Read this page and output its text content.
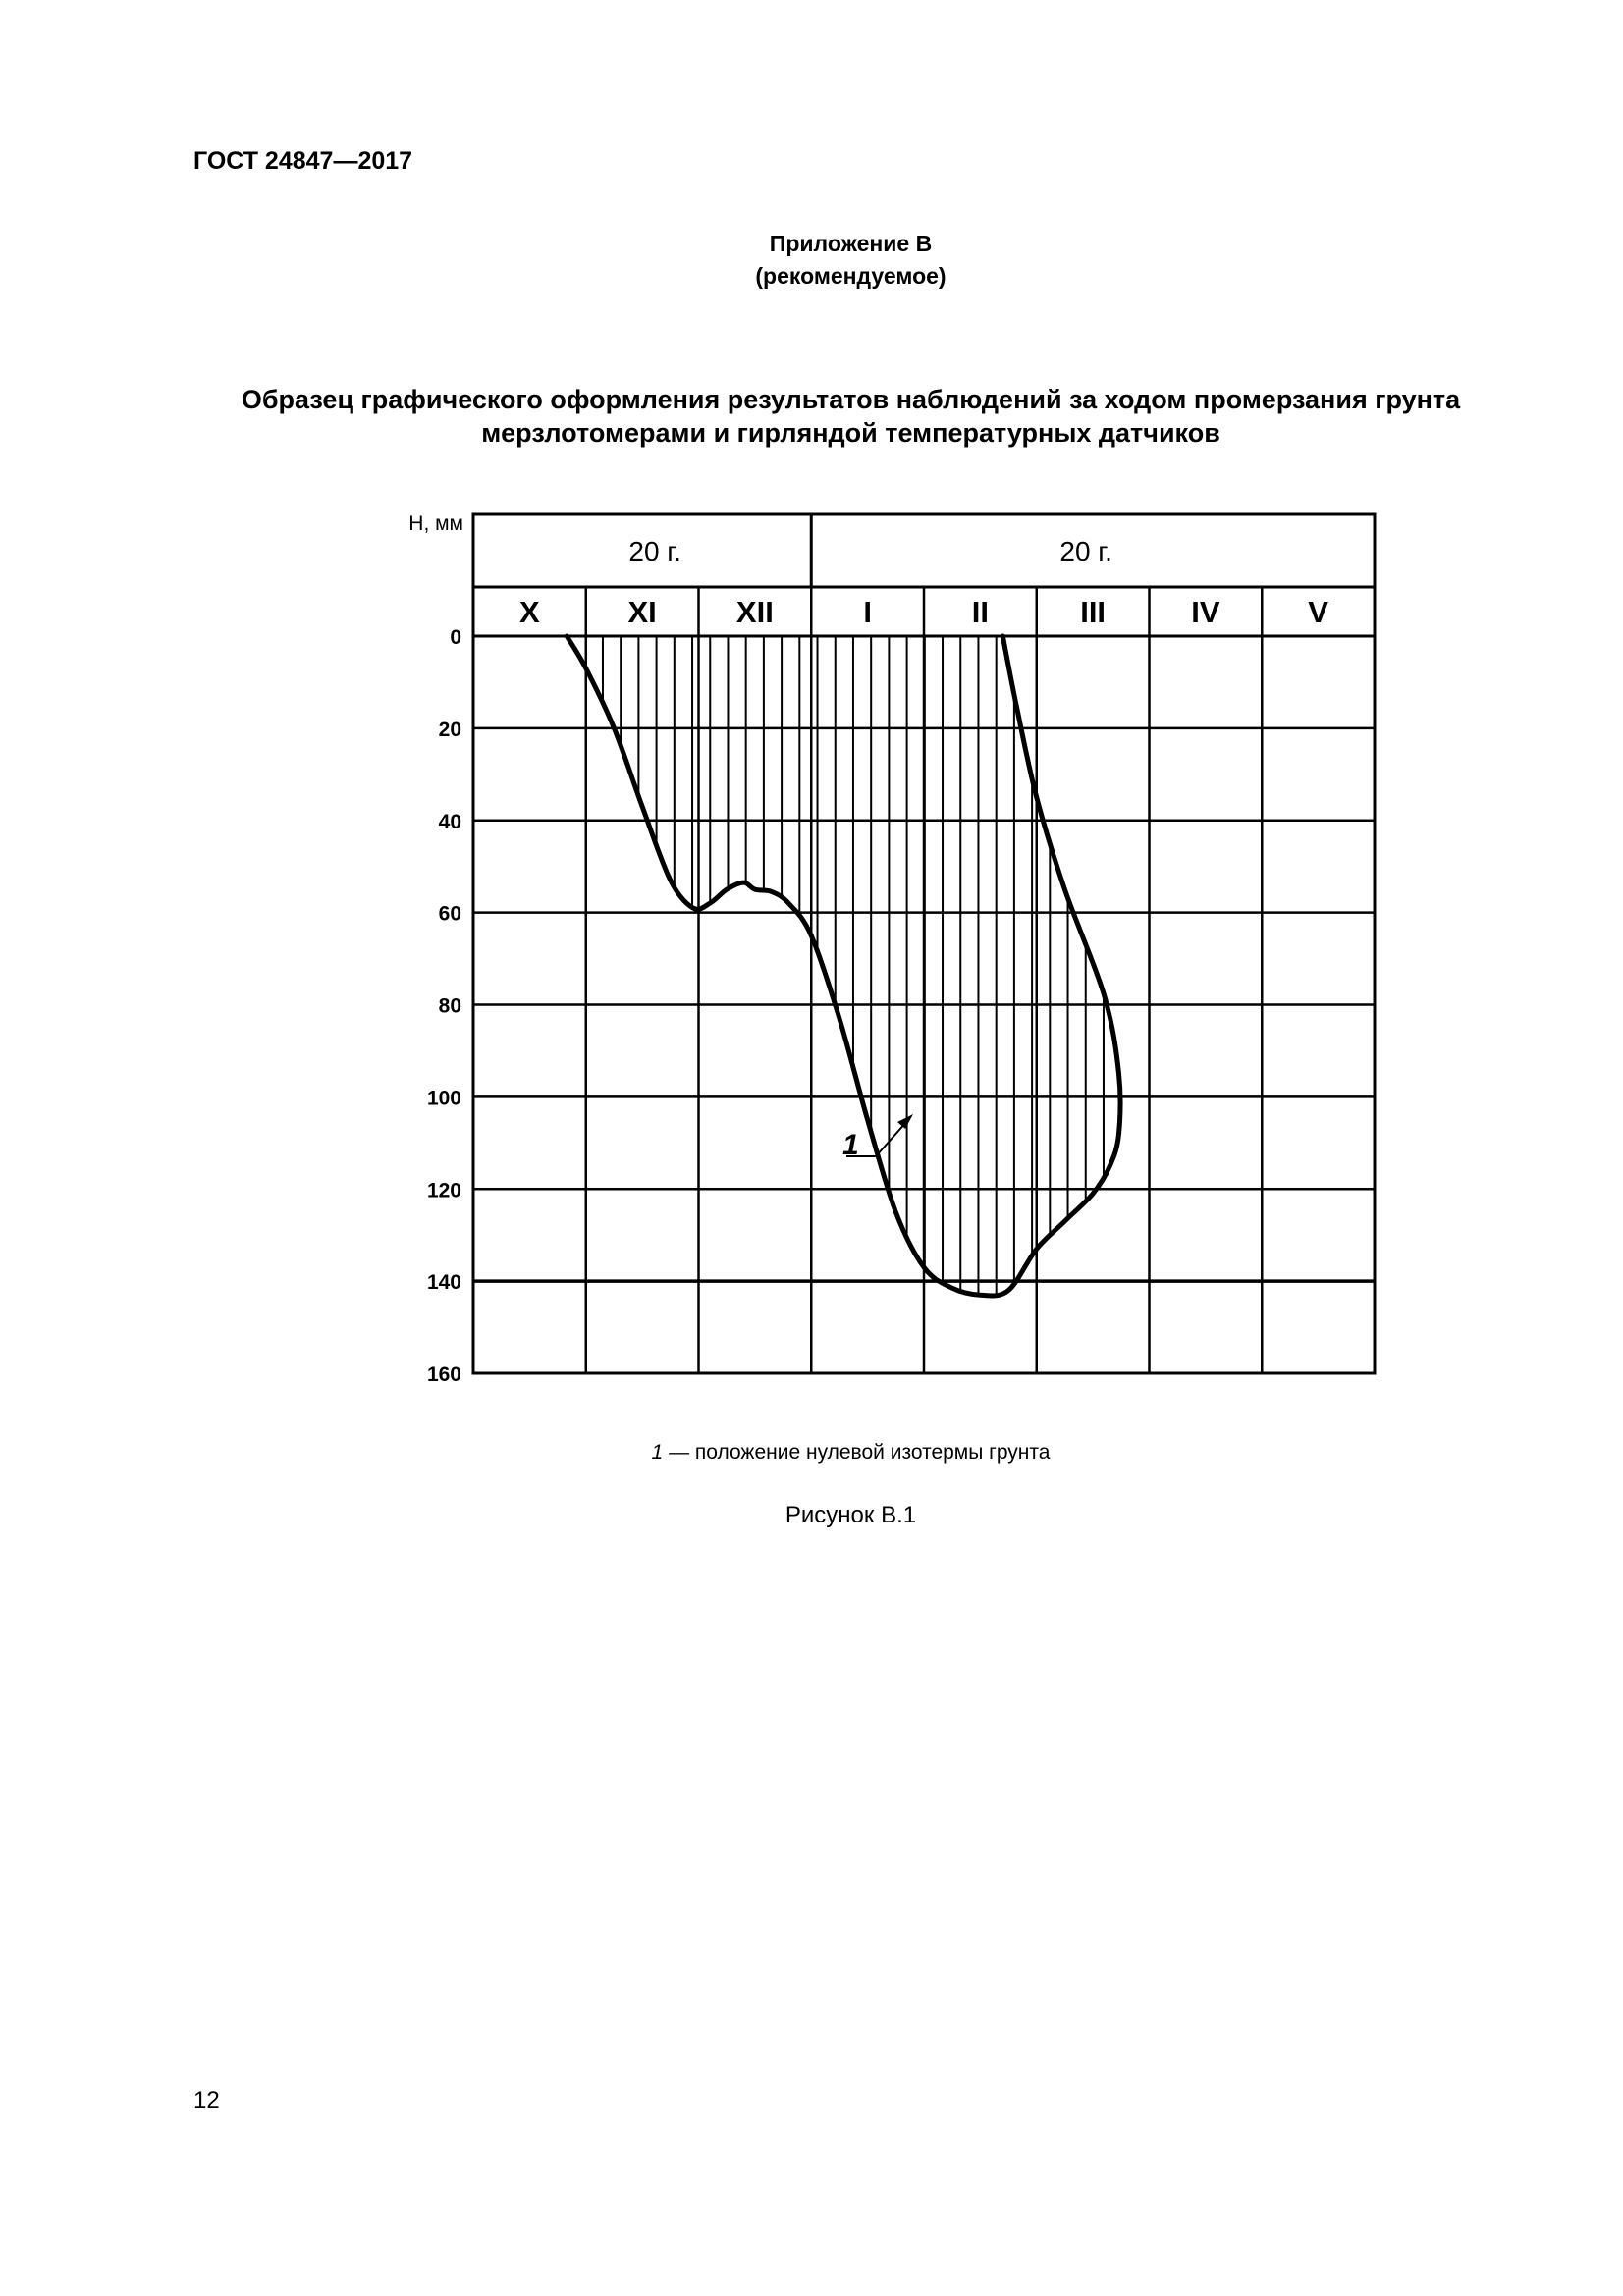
ГОСТ 24847—2017
Приложение В
(рекомендуемое)
Образец графического оформления результатов наблюдений за ходом промерзания грунта
мерзлотомерами и гирляндой температурных датчиков
0
20
40
60
80
100
120
140
160
H, мм
20 г.	20 г.
X	XI	XII	I	II	III	IV	V
1
1 — положение нулевой изотермы грунта
Рисунок В.1
12
